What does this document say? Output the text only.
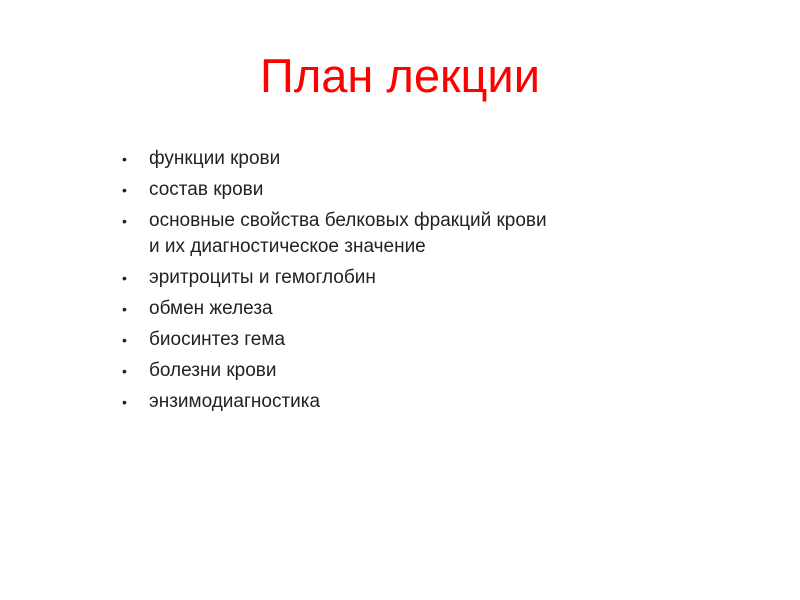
План лекции
•	функции крови
•	состав крови
•	основные свойства белковых фракций крови
и их диагностическое значение
•	эритроциты и гемоглобин
•	обмен железа
•	биосинтез гема
•	болезни крови
•	энзимодиагностика
